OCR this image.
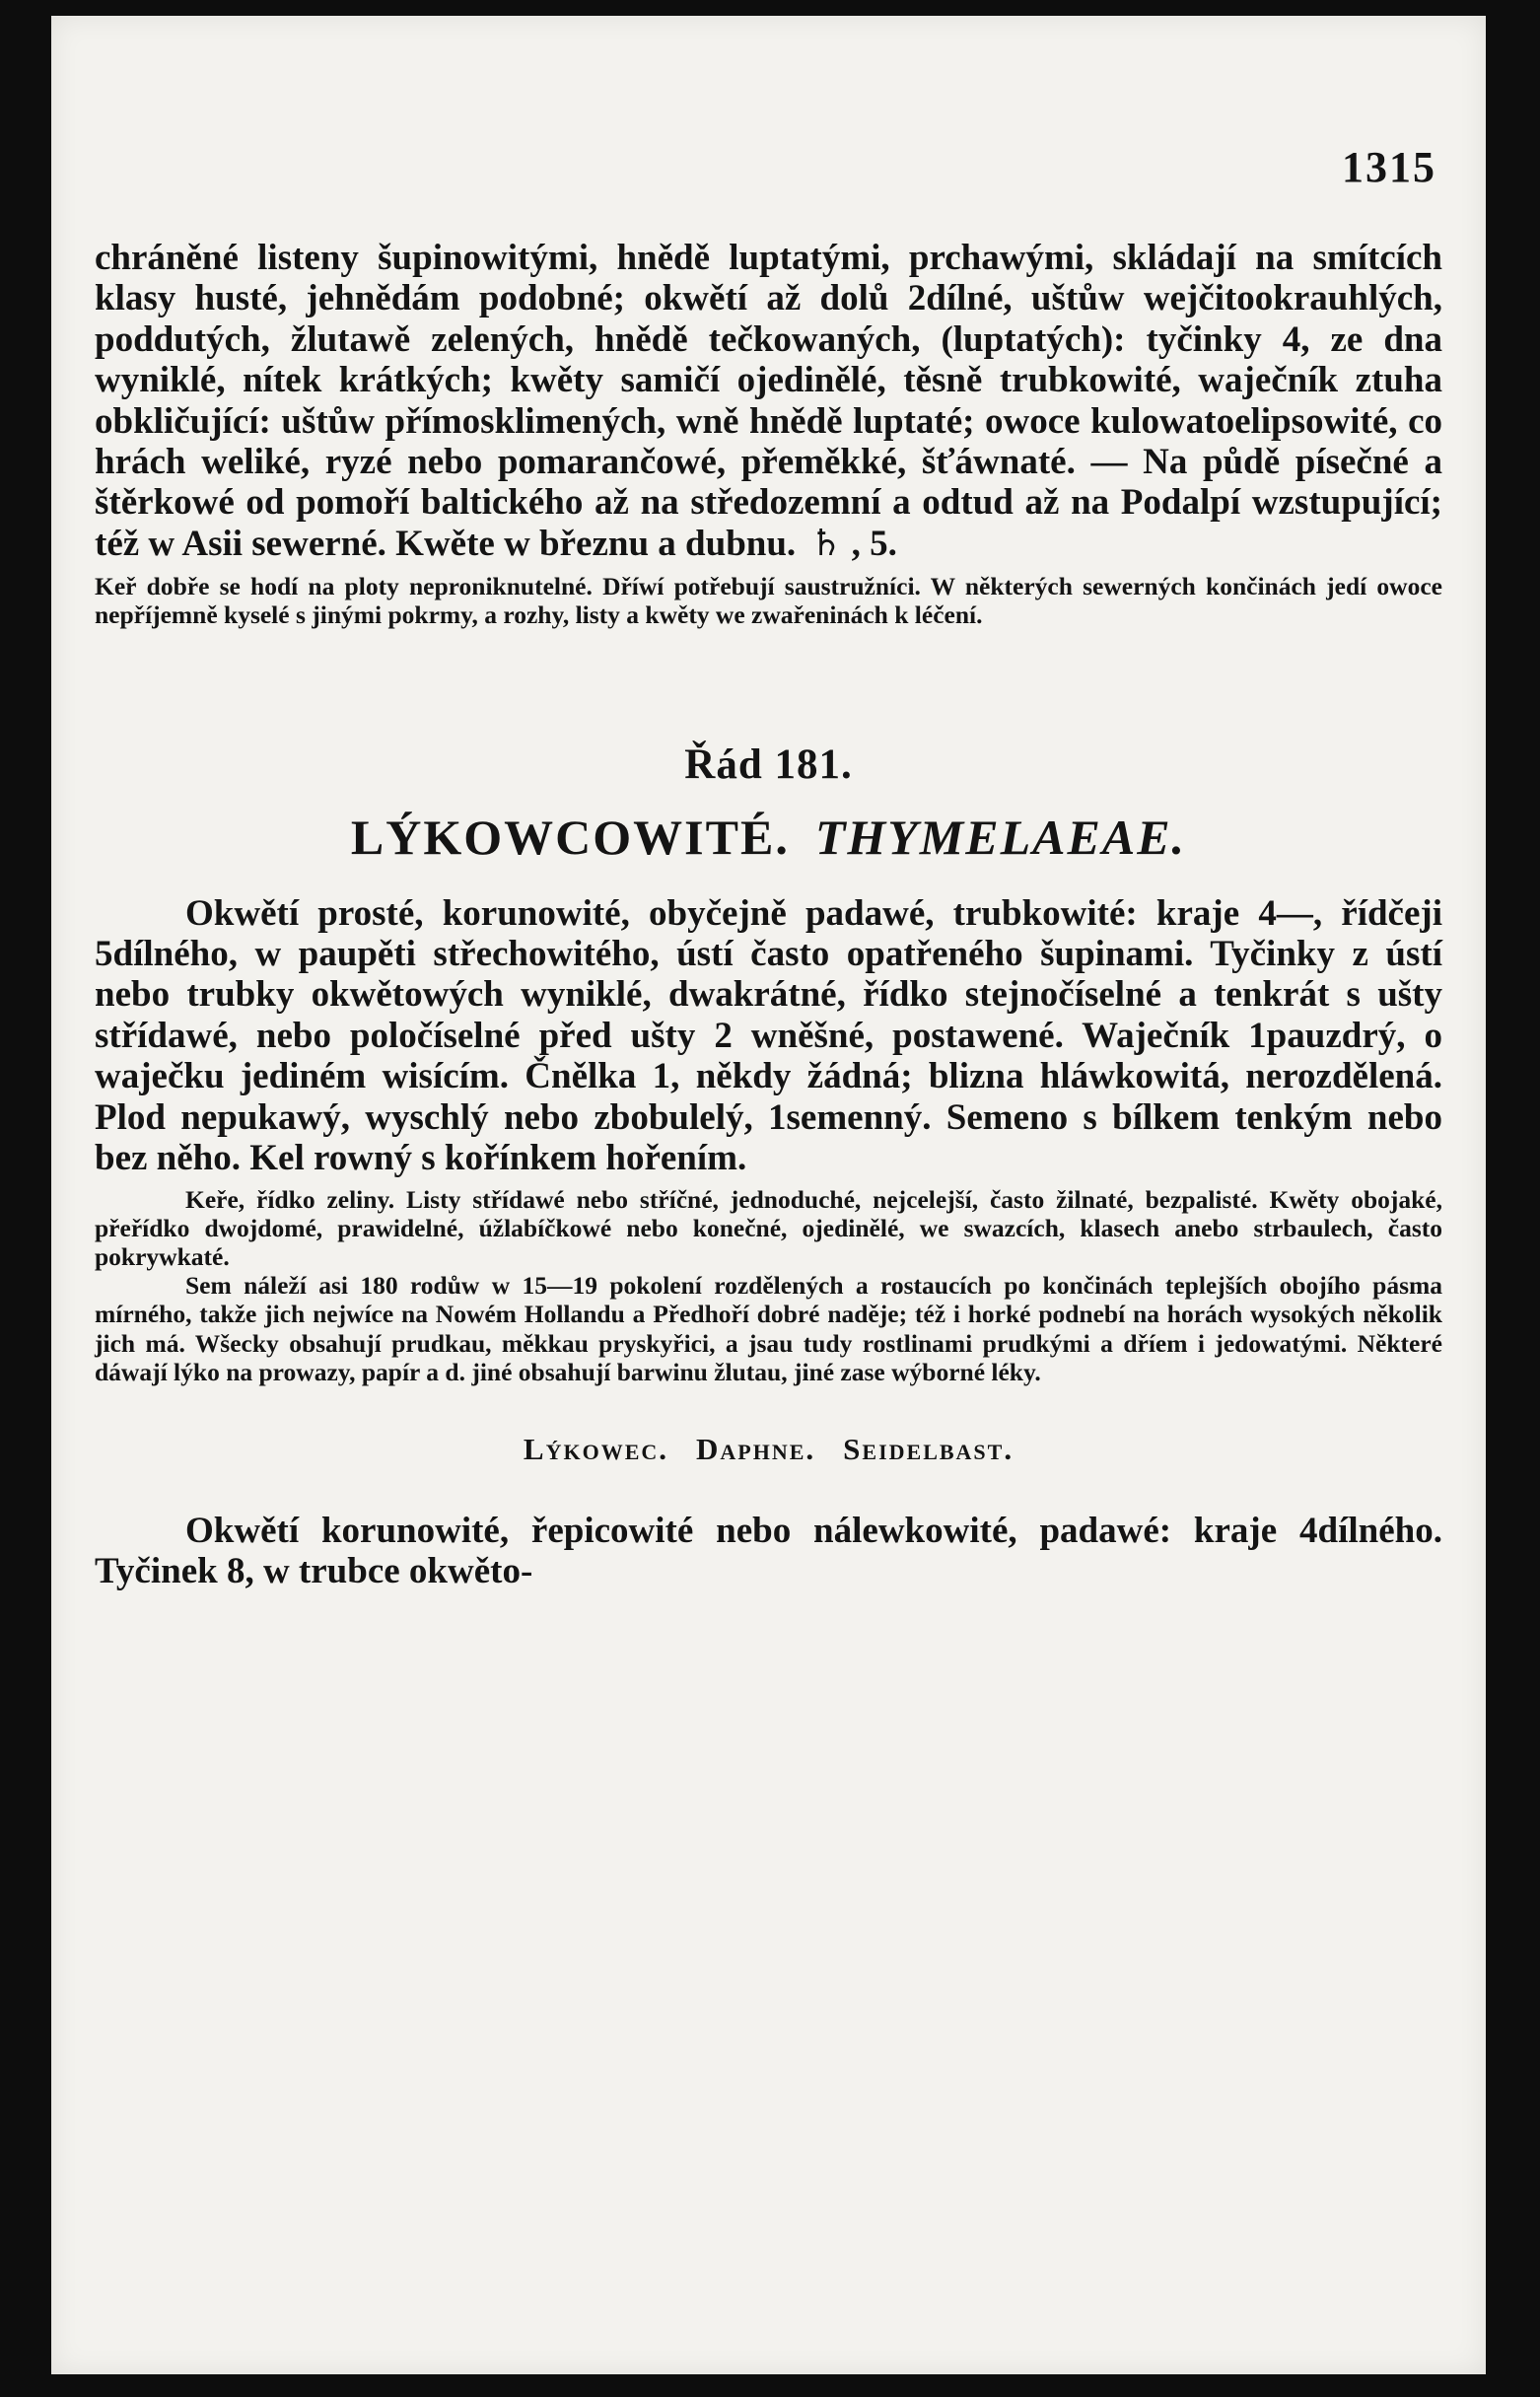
1315

chráněné listeny šupinowitými, hnědě luptatými, prchawými, skládají na smítcích klasy husté, jehnědám podobné; okwětí až dolů 2dílné, uštůw wejčitookrauhlých, poddutých, žlutawě zelených, hnědě tečkowaných, (luptatých): tyčinky 4, ze dna wyniklé, nítek krátkých; kwěty samičí ojedinělé, těsně trubkowité, waječník ztuha obkličující: uštůw přímosklimených, wně hnědě luptaté; owoce kulowatoelipsowité, co hrách weliké, ryzé nebo pomarančowé, přeměkké, šťáwnaté. — Na půdě písečné a štěrkowé od pomoří baltického až na středozemní a odtud až na Podalpí wzstupující; též w Asii sewerné. Kwěte w březnu a dubnu. ♄ , 5.

Keř dobře se hodí na ploty neproniknutelné. Dříwí potřebují saustružníci. W některých sewerných končinách jedí owoce nepříjemně kyselé s jinými pokrmy, a rozhy, listy a kwěty we zwařeninách k léčení.

Řád 181.
LÝKOWCOWITÉ. THYMELAEAE.

Okwětí prosté, korunowité, obyčejně padawé, trubkowité: kraje 4—, řídčeji 5dílného, w paupěti střechowitého, ústí často opatřeného šupinami. Tyčinky z ústí nebo trubky okwětowých wyniklé, dwakrátné, řídko stejnočíselné a tenkrát s ušty střídawé, nebo poločíselné před ušty 2 wněšné, postawené. Waječník 1pauzdrý, o waječku jediném wisícím. Čnělka 1, někdy žádná; blizna hláwkowitá, nerozdělená. Plod nepukawý, wyschlý nebo zbobulelý, 1semenný. Semeno s bílkem tenkým nebo bez něho. Kel rowný s kořínkem hořením.

Keře, řídko zeliny. Listy střídawé nebo stříčné, jednoduché, nejcelejší, často žilnaté, bezpalisté. Kwěty obojaké, přeřídko dwojdomé, prawidelné, úžlabíčkowé nebo konečné, ojedinělé, we swazcích, klasech anebo strbaulech, často pokrywkaté.

Sem náleží asi 180 rodůw w 15—19 pokolení rozdělených a rostaucích po končinách teplejších obojího pásma mírného, takže jich nejwíce na Nowém Hollandu a Předhoří dobré naděje; též i horké podnebí na horách wysokých několik jich má. Wšecky obsahují prudkau, měkkau pryskyřici, a jsau tudy rostlinami prudkými a dříem i jedowatými. Některé dáwají lýko na prowazy, papír a d. jiné obsahují barwinu žlutau, jiné zase wýborné léky.

Lýkowec. Daphne. Seidelbast.

Okwětí korunowité, řepicowité nebo nálewkowité, padawé: kraje 4dílného. Tyčinek 8, w trubce okwěto-
